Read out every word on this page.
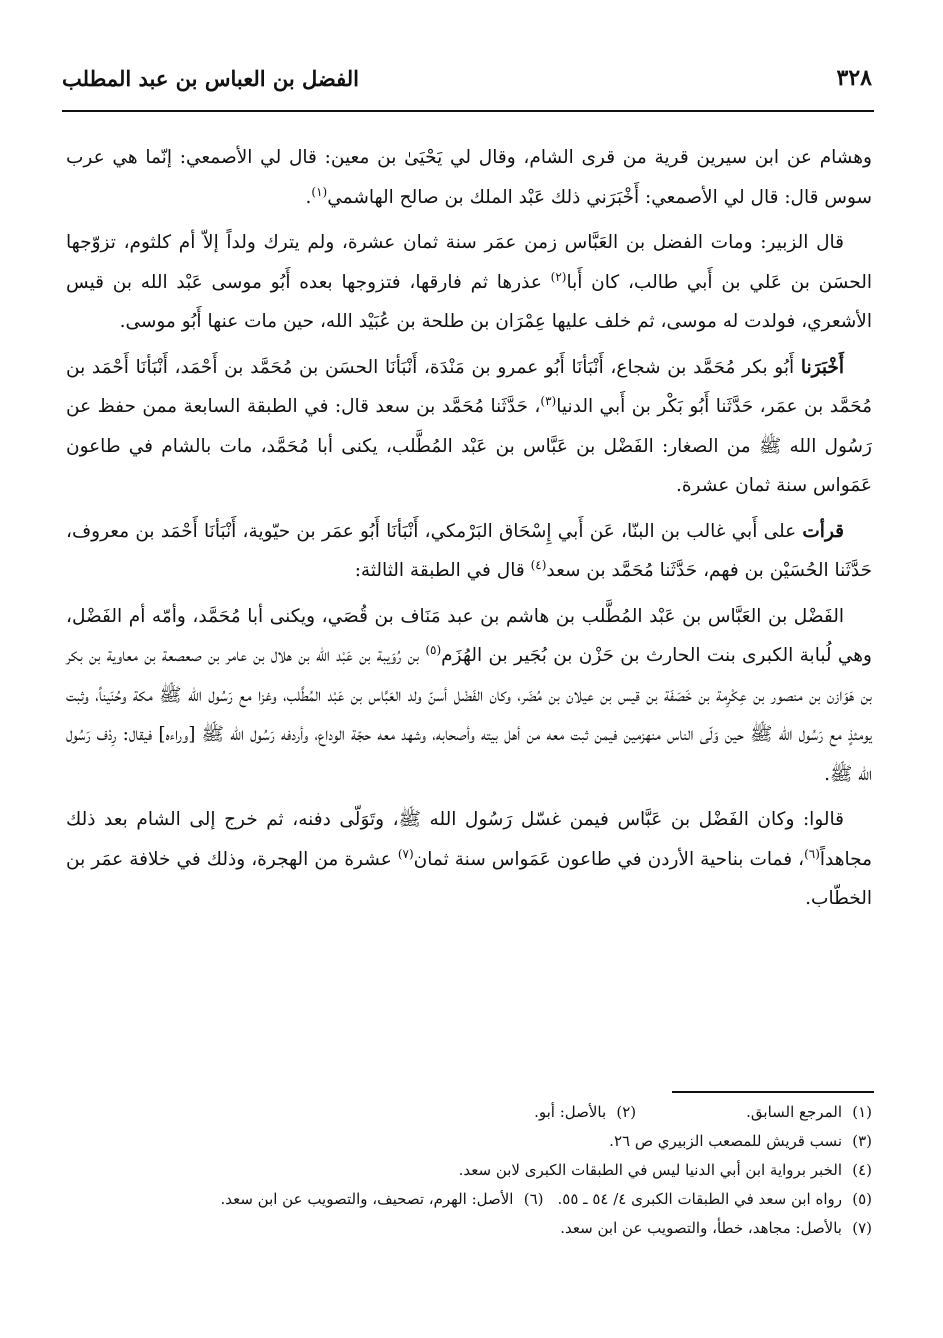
٣٢٨
الفضل بن العباس بن عبد المطلب

وهشام عن ابن سيرين قرية من قرى الشام، وقال لي يَحْيَىٰ بن معين: قال لي الأصمعي: إنّما هي عرب سوس قال: قال لي الأصمعي: أَخْبَرَني ذلك عَبْد الملك بن صالح الهاشمي$^{(١)}$.

قال الزبير: ومات الفضل بن العَبَّاس زمن عمَر سنة ثمان عشرة، ولم يترك ولداً إلاّ أم كلثوم، تزوّجها الحسَن بن عَلي بن أَبي طالب، كان أَبا$^{(٢)}$ عذرها ثم فارقها، فتزوجها بعده أَبُو موسى عَبْد الله بن قيس الأشعري، فولدت له موسى، ثم خلف عليها عِمْرَان بن طلحة بن عُبَيْد الله، حين مات عنها أَبُو موسى.

أَخْبَرَنا أَبُو بكر مُحَمَّد بن شجاع، أَنْبَأنَا أَبُو عمرو بن مَنْدَة، أَنْبَأنَا الحسَن بن مُحَمَّد بن أَحْمَد، أَنْبَأنَا أَحْمَد بن مُحَمَّد بن عمَر، حَدَّثَنا أَبُو بَكْر بن أَبي الدنيا$^{(٣)}$، حَدَّثَنا مُحَمَّد بن سعد قال: في الطبقة السابعة ممن حفظ عن رَسُول الله ﷺ من الصغار: الفَضْل بن عَبَّاس بن عَبْد المُطَّلب، يكنى أبا مُحَمَّد، مات بالشام في طاعون عَمَواس سنة ثمان عشرة.

قرأت على أَبي غالب بن البنّا، عَن أَبي إِسْحَاق البَرْمكي، أَنْبَأنَا أَبُو عمَر بن حيّوية، أَنْبَأنَا أَحْمَد بن معروف، حَدَّثَنا الحُسَيْن بن فهم، حَدَّثَنا مُحَمَّد بن سعد$^{(٤)}$ قال في الطبقة الثالثة:

الفَضْل بن العَبَّاس بن عَبْد المُطَّلب بن هاشم بن عبد مَنَاف بن قُصَي، ويكنى أبا مُحَمَّد، وأمّه أم الفَضْل، وهي لُبابة الكبرى بنت الحارث بن حَزْن بن بُجَير بن الهُزَم$^{(٥)}$ بن رُوَيبة بن عَبْد الله بن هلال بن عامر بن صعصعة بن معاوية بن بكر بن هَوَازن بن منصور بن عِكْرِمة بن خَصَفَة بن قيس بن عيلان بن مُضَر، وكان الفَضْل أسنّ ولد العَبَّاس بن عَبْد المُطَّلب، وغزا مع رَسُول الله ﷺ مكة وحُنَيناً، وثبت يومئذٍ مع رَسُول الله ﷺ حين وَلّى الناس منهزمين فيمن ثبت معه من أهل بيته وأصحابه، وشهد معه حجّة الوداع، وأردفه رَسُول الله ﷺ [وراءه] فيقال: رِدْف رَسُول الله ﷺ.

قالوا: وكان الفَضْل بن عَبَّاس فيمن غسّل رَسُول الله ﷺ، وتَوَلّى دفنه، ثم خرج إلى الشام بعد ذلك مجاهداً$^{(٦)}$، فمات بناحية الأردن في طاعون عَمَواس سنة ثمان$^{(٧)}$ عشرة من الهجرة، وذلك في خلافة عمَر بن الخطّاب.

(١)المرجع السابق.
(٢)بالأصل: أبو.
(٣)نسب قريش للمصعب الزبيري ص ٢٦.
(٤)الخبر برواية ابن أبي الدنيا ليس في الطبقات الكبرى لابن سعد.
(٥)رواه ابن سعد في الطبقات الكبرى ٤/ ٥٤ ـ ٥٥.
(٦)الأصل: الهرم، تصحيف، والتصويب عن ابن سعد.
(٧)بالأصل: مجاهد، خطأ، والتصويب عن ابن سعد.
